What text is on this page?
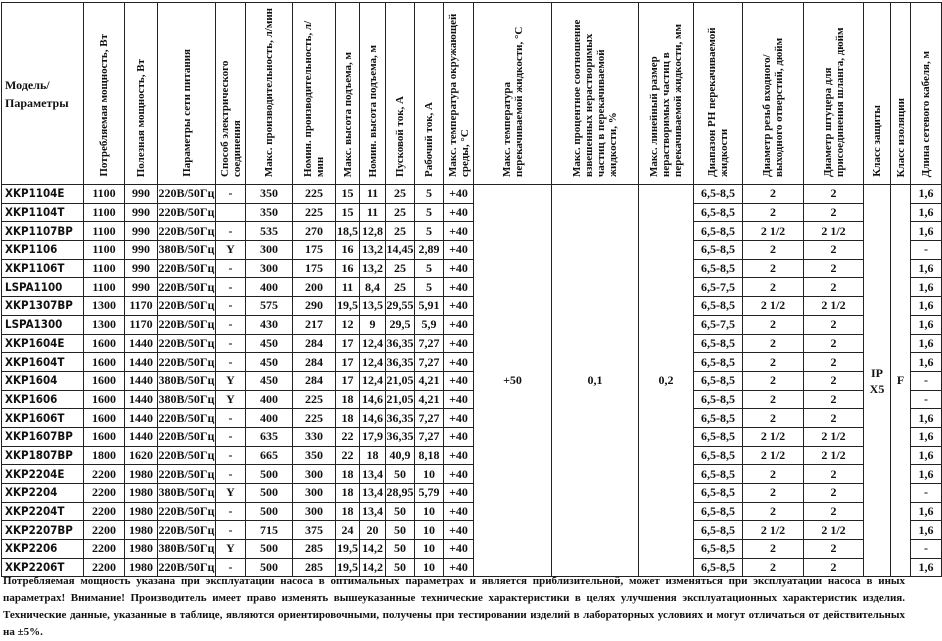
Модель/ Параметры	Потребляемая мощность, Вт	Полезная мощность, Вт	Параметры сети питания	Способ электрического соединения	Макс. производительность, л/мин	Номин. производительность, л/мин	Макс. высота подъема, м	Номин. высота подъема, м	Пусковой ток, А	Рабочий ток, А	Макс. температура окружающей среды, °С	Макс. температура перекачиваемой жидкости, °С	Макс. процентное соотношение взвешенных нерастворимых частиц в перекачиваемой жидкости, %	Макс. линейный размер нерастворимых частиц в перекачиваемой жидкости, мм	Диапазон РН перекачиваемой жидкости	Диаметр резьб входного/выходного отверстий, дюйм	Диаметр штуцера для присоединения шланга, дюйм	Класс защиты	Класс изоляции	Длина сетевого кабеля, м
XKP1104E	1100	990	220В/50Гц	-	350	225	15	11	25	5	+40	+50	0,1	0,2	6,5-8,5	2	2	IP X5	F	1,6
XKP1104T	1100	990	220В/50Гц		350	225	15	11	25	5	+40				6,5-8,5	2	2			1,6
XKP1107BP	1100	990	220В/50Гц	-	535	270	18,5	12,8	25	5	+40				6,5-8,5	2 1/2	2 1/2			1,6
XKP1106	1100	990	380В/50Гц	Y	300	175	16	13,2	14,45	2,89	+40				6,5-8,5	2	2			-
XKP1106T	1100	990	220В/50Гц	-	300	175	16	13,2	25	5	+40				6,5-8,5	2	2			1,6
LSPA1100	1100	990	220В/50Гц	-	400	200	11	8,4	25	5	+40				6,5-7,5	2	2			1,6
XKP1307BP	1300	1170	220В/50Гц	-	575	290	19,5	13,5	29,55	5,91	+40				6,5-8,5	2 1/2	2 1/2			1,6
LSPA1300	1300	1170	220В/50Гц	-	430	217	12	9	29,5	5,9	+40				6,5-7,5	2	2			1,6
XKP1604E	1600	1440	220В/50Гц	-	450	284	17	12,4	36,35	7,27	+40				6,5-8,5	2	2			1,6
XKP1604T	1600	1440	220В/50Гц	-	450	284	17	12,4	36,35	7,27	+40				6,5-8,5	2	2			1,6
XKP1604	1600	1440	380В/50Гц	Y	450	284	17	12,4	21,05	4,21	+40				6,5-8,5	2	2			-
XKP1606	1600	1440	380В/50Гц	Y	400	225	18	14,6	21,05	4,21	+40				6,5-8,5	2	2			-
XKP1606T	1600	1440	220В/50Гц	-	400	225	18	14,6	36,35	7,27	+40				6,5-8,5	2	2			1,6
XKP1607BP	1600	1440	220В/50Гц	-	635	330	22	17,9	36,35	7,27	+40				6,5-8,5	2 1/2	2 1/2			1,6
XKP1807BP	1800	1620	220В/50Гц	-	665	350	22	18	40,9	8,18	+40				6,5-8,5	2 1/2	2 1/2			1,6
XKP2204E	2200	1980	220В/50Гц	-	500	300	18	13,4	50	10	+40				6,5-8,5	2	2			1,6
XKP2204	2200	1980	380В/50Гц	Y	500	300	18	13,4	28,95	5,79	+40				6,5-8,5	2	2			-
XKP2204T	2200	1980	220В/50Гц	-	500	300	18	13,4	50	10	+40				6,5-8,5	2	2			1,6
XKP2207BP	2200	1980	220В/50Гц	-	715	375	24	20	50	10	+40				6,5-8,5	2 1/2	2 1/2			1,6
XKP2206	2200	1980	380В/50Гц	Y	500	285	19,5	14,2	50	10	+40				6,5-8,5	2	2			-
XKP2206T	2200	1980	220В/50Гц	-	500	285	19,5	14,2	50	10	+40				6,5-8,5	2	2			1,6
Потребляемая мощность указана при эксплуатации насоса в оптимальных параметрах и является приблизительной, может изменяться при эксплуатации насоса в иных параметрах! Внимание! Производитель имеет право изменять вышеуказанные технические характеристики в целях улучшения эксплуатационных характеристик изделия. Технические данные, указанные в таблице, являются ориентировочными, получены при тестировании изделий в лабораторных условиях и могут отличаться от действительных на ±5%.
